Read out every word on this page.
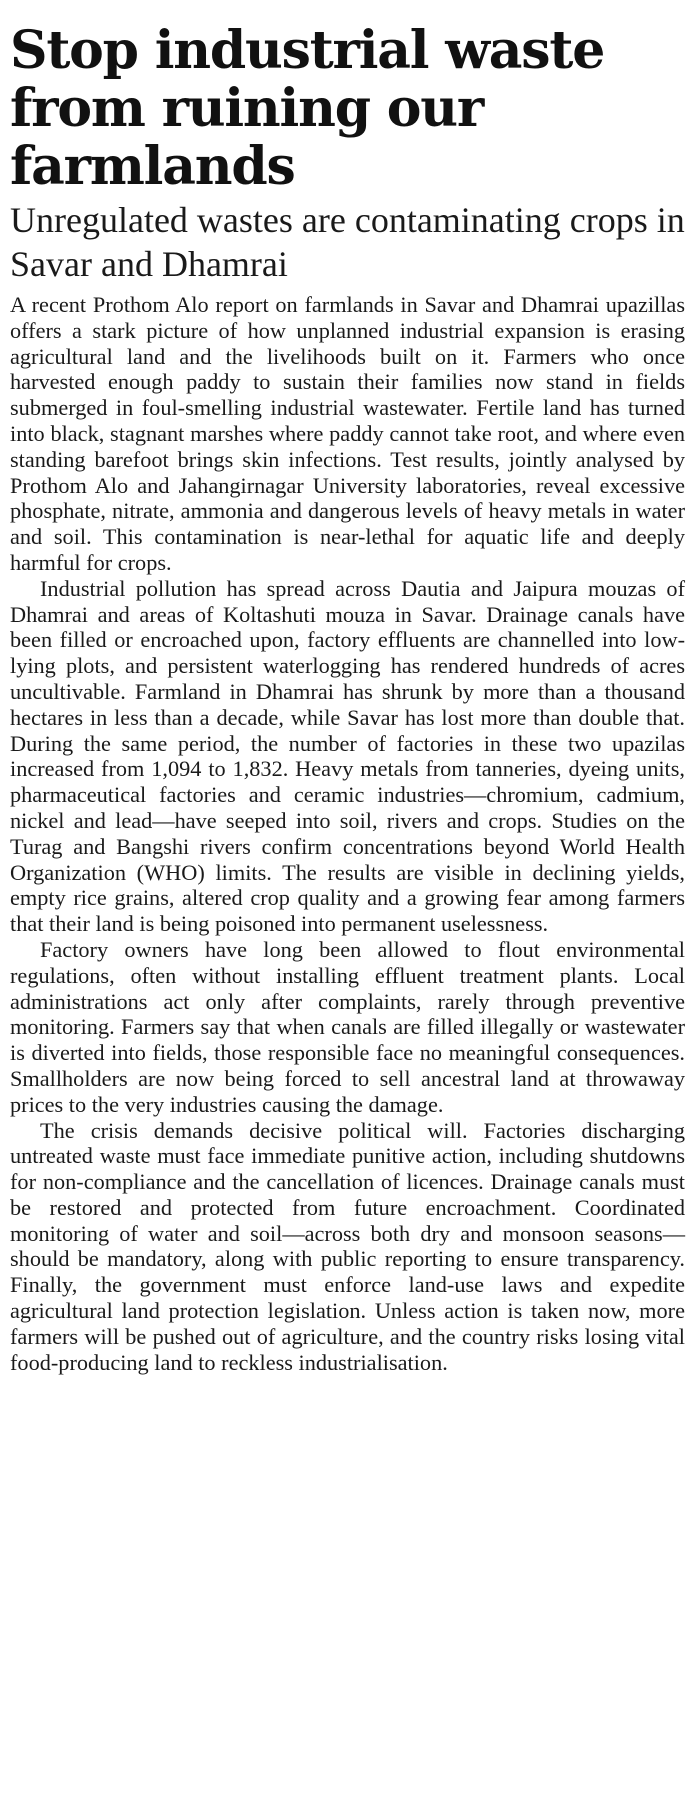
Stop industrial waste from ruining our farmlands
Unregulated wastes are contaminating crops in Savar and Dhamrai

A recent Prothom Alo report on farmlands in Savar and Dhamrai upazillas offers a stark picture of how unplanned industrial expansion is erasing agricultural land and the livelihoods built on it. Farmers who once harvested enough paddy to sustain their families now stand in fields submerged in foul-smelling industrial wastewater. Fertile land has turned into black, stagnant marshes where paddy cannot take root, and where even standing barefoot brings skin infections. Test results, jointly analysed by Prothom Alo and Jahangirnagar University laboratories, reveal excessive phosphate, nitrate, ammonia and dangerous levels of heavy metals in water and soil. This contamination is near-lethal for aquatic life and deeply harmful for crops.

Industrial pollution has spread across Dautia and Jaipura mouzas of Dhamrai and areas of Koltashuti mouza in Savar. Drainage canals have been filled or encroached upon, factory effluents are channelled into low-lying plots, and persistent waterlogging has rendered hundreds of acres uncultivable. Farmland in Dhamrai has shrunk by more than a thousand hectares in less than a decade, while Savar has lost more than double that. During the same period, the number of factories in these two upazilas increased from 1,094 to 1,832. Heavy metals from tanneries, dyeing units, pharmaceutical factories and ceramic industries—chromium, cadmium, nickel and lead—have seeped into soil, rivers and crops. Studies on the Turag and Bangshi rivers confirm concentrations beyond World Health Organization (WHO) limits. The results are visible in declining yields, empty rice grains, altered crop quality and a growing fear among farmers that their land is being poisoned into permanent uselessness.

Factory owners have long been allowed to flout environmental regulations, often without installing effluent treatment plants. Local administrations act only after complaints, rarely through preventive monitoring. Farmers say that when canals are filled illegally or wastewater is diverted into fields, those responsible face no meaningful consequences. Smallholders are now being forced to sell ancestral land at throwaway prices to the very industries causing the damage.

The crisis demands decisive political will. Factories discharging untreated waste must face immediate punitive action, including shutdowns for non-compliance and the cancellation of licences. Drainage canals must be restored and protected from future encroachment. Coordinated monitoring of water and soil—across both dry and monsoon seasons—should be mandatory, along with public reporting to ensure transparency. Finally, the government must enforce land-use laws and expedite agricultural land protection legislation. Unless action is taken now, more farmers will be pushed out of agriculture, and the country risks losing vital food-producing land to reckless industrialisation.
